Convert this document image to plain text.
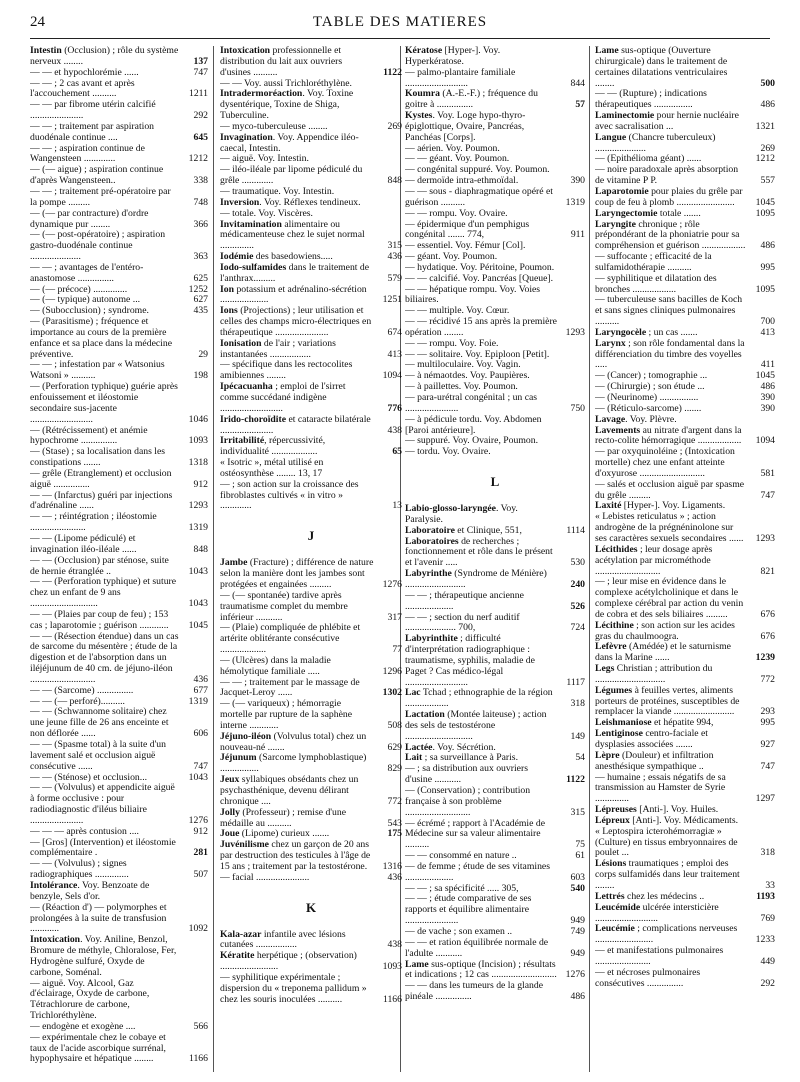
24	TABLE DES MATIERES
Intestin (Occlusion) ; rôle du système nerveux ........	137
— — et hypochlorémie ......	747
— — ; 2 cas avant et après l'accouchement ..........	1211
— — par fibrome utérin calcifié ......................	292
— — ; traitement par aspiration duodénale continue ....	645
— — ; aspiration continue de Wangensteen .............	1212
— (— aigue) ; aspiration continue d'après Wangensteen..	338
— — ; traitement pré-opératoire par la pompe .........	748
— (— par contracture) d'ordre dynamique pur ........	366
— (— post-opératoire) ; aspiration gastro-duodénale continue .....................	363
— — ; avantages de l'entéro-anastomose ...............	625
— (— précoce) ..............	1252
— (— typique) autonome ...	627
— (Subocclusion) ; syndrome.	435
— (Parasitisme) ; fréquence et importance au cours de la première enfance et sa place dans la médecine préventive.	29
— — ; infestation par « Watsonius Watsoni » ..........	198
— (Perforation typhique) guérie après enfouissement et iléostomie secondaire sus-jacente ..........................	1046
— (Rétrécissement) et anémie hypochrome ...............	1093
— (Stase) ; sa localisation dans les constipations .......	1318
— grêle (Etranglement) et occlusion aiguë ...............	912
— — (Infarctus) guéri par injections d'adrénaline ......	1293
— — ; réintégration ; iléostomie .......................	1319
— — (Lipome pédiculé) et invagination iléo-iléale ......	848
— — (Occlusion) par sténose, suite de hernie étranglée ..	1043
— — (Perforation typhique) et suture chez un enfant de 9 ans ............................	1043
— — (Plaies par coup de feu) ; 153 cas ; laparotomie ; guérison ............	1045
— — (Résection étendue) dans un cas de sarcome du mésentère ; étude de la digestion et de l'absorption dans un iléjéjunum de 40 cm. de jéjuno-iléon ...........................	436
— — (Sarcome) ...............	677
— — (— perforé)..........	1319
— — (Schwannome solitaire) chez une jeune fille de 26 ans enceinte et non déflorée ......	606
— — (Spasme total) à la suite d'un lavement salé et occlusion aiguë consécutive ......	747
— — (Sténose) et occlusion...	1043
— — (Volvulus) et appendicite aiguë à forme occlusive : pour radiodiagnostic d'iléus biliaire ......................	1276
— — — après contusion ....	912
— [Gros] (Intervention) et iléostomie complémentaire .	281
— — (Volvulus) ; signes radiographiques ..............	507
Intolérance. Voy. Benzoate de benzyle, Sels d'or.
— (Réaction d') — polymorphes et prolongées à la suite de transfusion ............	1092
Intoxication. Voy. Aniline, Benzol, Bromure de méthyle, Chloralose, Fer, Hydrogène sulfuré, Oxyde de carbone, Soménal.
— aiguë. Voy. Alcool, Gaz d'éclairage, Oxyde de carbone, Tétrachlorure de carbone, Trichloréthylène.
— endogène et exogène ....	566
— expérimentale chez le cobaye et taux de l'acide ascorbique surrénal, hypophysaire et hépatique ........	1166
Intoxication professionnelle et distribution du lait aux ouvriers d'usines ..........	1122
— — Voy. aussi Trichloréthylène.
Intradermoréaction. Voy. Toxine dysentérique, Toxine de Shiga, Tuberculine.
— myco-tuberculeuse ........	269
Invagination. Voy. Appendice iléo-caecal, Intestin.
— aiguë. Voy. Intestin.
— iléo-iléale par lipome pédiculé du grêle .............	848
— traumatique. Voy. Intestin.
Inversion. Voy. Réflexes tendineux.
— totale. Voy. Viscères.
Invitamination alimentaire ou médicamenteuse chez le sujet normal ..............	315
Iodémie des basedowiens.....	436
Iodo-sulfamides dans le traitement de l'anthrax.........	579
Ion potassium et adrénalino-sécrétion ....................	1251
Ions (Projections) ; leur utilisation et celles des champs micro-électriques en thérapeutique ......................	674
Ionisation de l'air ; variations instantanées .................	413
— spécifique dans les rectocolites amibiennes ........	1094
Ipécacuanha ; emploi de l'sirret comme succédané indigène ..........................	776
Irido-choroïdite et cataracte bilatérale ......................	438
Irritabilité, répercussivité, individualité ...................	65
« Isotric », métal utilisé en ostéosynthèse ........ 13, 17
— ; son action sur la croissance des fibroblastes cultivés « in vitro » .............	13
J
Jambe (Fracture) ; différence de nature selon la manière dont les jambes sont protégées et engainées .........	1276
— (— spontanée) tardive après traumatisme complet du membre inférieur ...........	317
— (Plaie) compliquée de phlébite et artérite oblitérante consécutive ...................	77
— (Ulcères) dans la maladie hémolytique familiale .....	1296
— — ; traitement par le massage de Jacquet-Leroy ......	1302
— (— variqueux) ; hémorragie mortelle par rupture de la saphène interne ............	508
Jéjuno-iléon (Volvulus total) chez un nouveau-né .......	629
Jéjunum (Sarcome lymphoblastique) ................	829
Jeux syllabiques obsédants chez un psychasthénique, devenu délirant chronique ....	772
Jolly (Professeur) ; remise d'une médaille au ..........	543
Joue (Lipome) curieux .......	175
Juvénilisme chez un garçon de 20 ans par destruction des testicules à l'âge de 15 ans ; traitement par la testostérone.	1316
— facial ......................	436
K
Kala-azar infantile avec lésions cutanées .................	438
Kératite herpétique ; (observation) ........................	1093
— syphilitique expérimentale ; dispersion du « treponema pallidum » chez les souris inoculées ..........	1166
Kératose [Hyper-]. Voy. Hyperkératose.
— palmo-plantaire familiale ..........................	844
Koumra (A.-E.-F.) ; fréquence du goitre à ...............	57
Kystes. Voy. Loge hypo-thyro-épiglottique, Ovaire, Pancréas, Panchéas [Corps].
— aérien. Voy. Poumon.
— — géant. Voy. Poumon.
— congénital suppuré. Voy. Poumon.
— dermoïde intra-ethmoïdal.	390
— — sous - diaphragmatique opéré et guérison ..........	1319
— — rompu. Voy. Ovaire.
— épidermique d'un pemphigus congénital ....... 774,	911
— essentiel. Voy. Fémur [Col].
— géant. Voy. Poumon.
— hydatique. Voy. Péritoine, Poumon.
— — calcifié. Voy. Pancréas [Queue].
— — hépatique rompu. Voy. Voies biliaires.
— — multiple. Voy. Cœur.
— — récidivé 15 ans après la première opération ........	1293
— — rompu. Voy. Foie.
— — solitaire. Voy. Epiploon [Petit].
— multiloculaire. Voy. Vagin.
— à némaotdes. Voy. Paupières.
— à paillettes. Voy. Poumon.
— para-urétral congénital ; un cas ......................	750
— à pédicule tordu. Voy. Abdomen [Paroi antérieure].
— suppuré. Voy. Ovaire, Poumon.
— tordu. Voy. Ovaire.
L
Labio-glosso-laryngée. Voy. Paralysie.
Laboratoire et Clinique, 551,	1114
Laboratoires de recherches ; fonctionnement et rôle dans le présent et l'avenir .....	530
Labyrinthe (Syndrome de Ménière) .........................	240
— — ; thérapeutique ancienne ....................	526
— — ; section du nerf auditif ..................... 700,	724
Labyrinthite ; difficulté d'interprétation radiographique : traumatisme, syphilis, maladie de Paget ? Cas médico-légal ..........................	1117
Lac Tchad ; ethnographie de la région ..................	318
Lactation (Montée laiteuse) ; action des sels de testostérone ............................	149
Lactée. Voy. Sécrétion.
Lait ; sa surveillance à Paris.	54
— ; sa distribution aux ouvriers d'usine ...........	1122
— (Conservation) ; contribution française à son problème ...........................	315
— écrémé ; rapport à l'Académie de Médecine sur sa valeur alimentaire ..........	75
— — consommé en nature ..	61
— de femme ; étude de ses vitamines ....................	603
— — ; sa spécificité ..... 305,	540
— — ; étude comparative de ses rapports et équilibre alimentaire ......................	949
— de vache ; son examen ..	749
— — et ration équilibrée normale de l'adulte ...........	949
Lame sus-optique (Incision) ; résultats et indications ; 12 cas ........................... 1276
— — dans les tumeurs de la glande pinéale ...............	486
Lame sus-optique (Ouverture chirurgicale) dans le traitement de certaines dilatations ventriculaires ........	500
— — (Rupture) ; indications thérapeutiques ................	486
Laminectomie pour hernie nucléaire avec sacralisation ...	1321
Langue (Chancre tuberculeux) .....................	269
— (Epithélioma géant) ......	1212
— noire paradoxale après absorption de vitamine P P.	557
Laparotomie pour plaies du grêle par coup de feu à plomb ........................	1045
Laryngectomie totale .......	1095
Laryngite chronique ; rôle prépondérant de la phoniatrie pour sa compréhension et guérison .................. 486
— suffocante ; efficacité de la sulfamidothérapie ..........	995
— syphilitique et dilatation des bronches ..................	1095
— tuberculeuse sans bacilles de Koch et sans signes cliniques pulmonaires ..........	700
Laryngocèle ; un cas .......	413
Larynx ; son rôle fondamental dans la différenciation du timbre des voyelles .....	411
— (Cancer) ; tomographie ...	1045
— (Chirurgie) ; son étude ...	486
— (Neurinome) ................	390
— (Réticulo-sarcome) .......	390
Lavage. Voy. Plèvre.
Lavements au nitrate d'argent dans la recto-colite hémorragique ..................	1094
— par oxyquinoléine ; (Intoxication mortelle) chez une enfant atteinte d'oxyurose ...........................	581
— salés et occlusion aiguë par spasme du grêle .........	747
Laxité [Hyper-]. Voy. Ligaments.
« Lebistes reticulatus » ; action androgène de la prégnéninolone sur ses caractères sexuels secondaires ......	1293
Lécithides ; leur dosage après acétylation par microméthode ...........................	821
— ; leur mise en évidence dans le complexe acétylcholinique et dans le complexe cérébral par action du venin de cobra et des sels biliaires .........	676
Lécithine ; son action sur les acides gras du chaulmoogra.	676
Lefèvre (Amédée) et le saturnisme dans la Marine ......	1239
Legs Christian ; attribution du .............................	772
Légumes à feuilles vertes, aliments porteurs de protéines, susceptibles de remplacer la viande .........................	293
Leishmaniose et hépatite 994,	995
Lentiginose centro-faciale et dysplasies associées .......	927
Lèpre (Douleur) et infiltration anesthésique sympathique ..	747
— humaine ; essais négatifs de sa transmission au Hamster de Syrie ..............	1297
Lépreuses [Anti-]. Voy. Huiles.
Lépreux [Anti-]. Voy. Médicaments.
« Leptospira icterohémorragiæ » (Culture) en tissus embryonnaires de poulet ...	318
Lésions traumatiques ; emploi des corps sulfamidés dans leur traitement ........	33
Lettrés chez les médecins ..	1193
Leucémide ulcérée intersticière ..........................	769
Leucémie ; complications nerveuses ........................	1233
— et manifestations pulmonaires .......................	449
— et nécroses pulmonaires consécutives ...............	292
